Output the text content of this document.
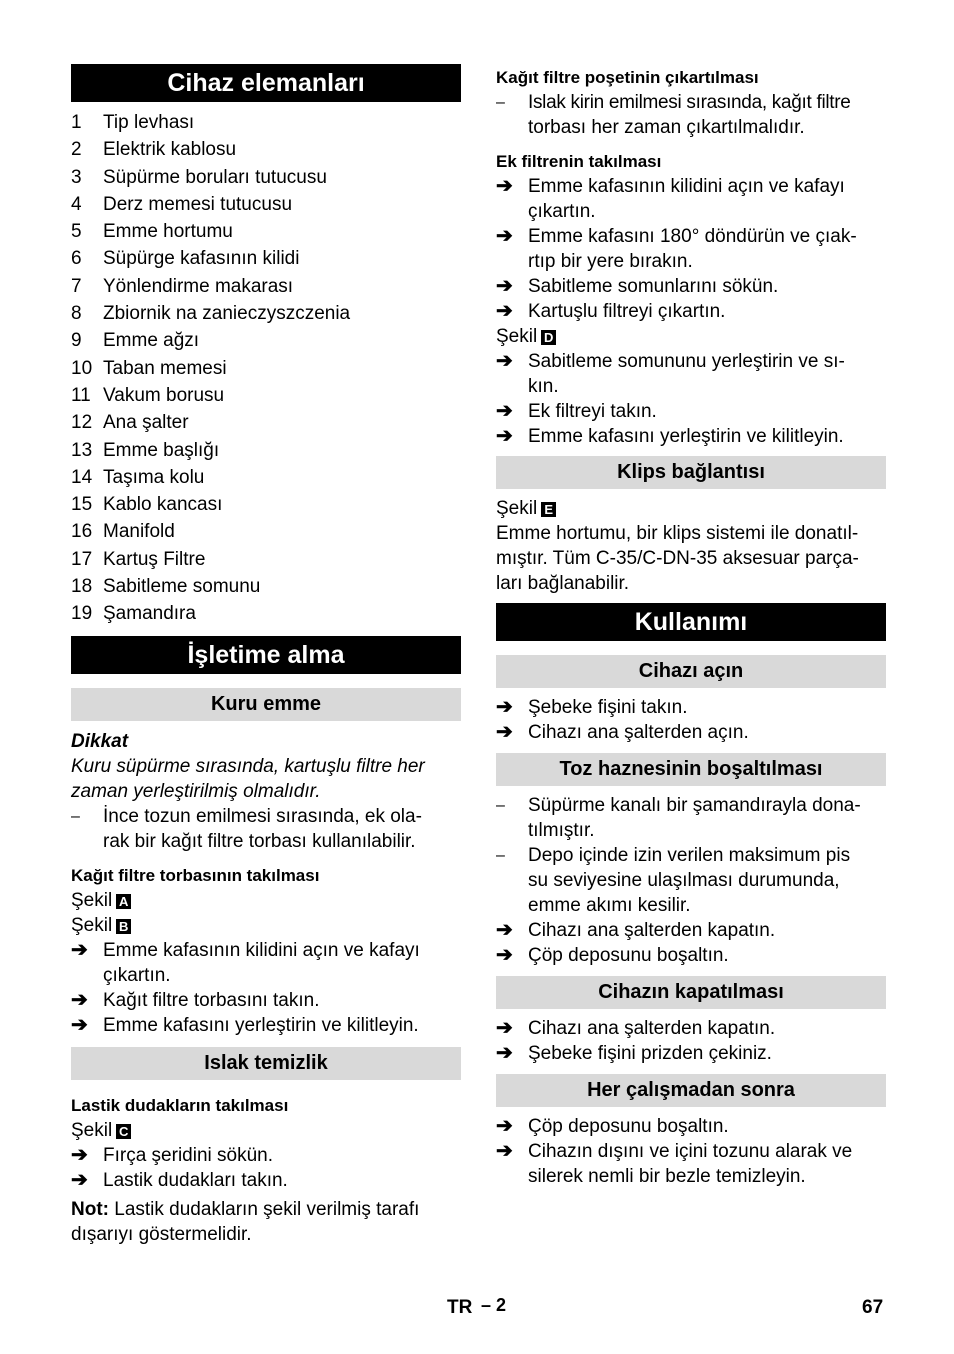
Cihaz elemanları
1	Tip levhası
2	Elektrik kablosu
3	Süpürme boruları tutucusu
4	Derz memesi tutucusu
5	Emme hortumu
6	Süpürge kafasının kilidi
7	Yönlendirme makarası
8	Zbiornik na zanieczyszczenia
9	Emme ağzı
10 Taban memesi
11 Vakum borusu
12 Ana şalter
13 Emme başlığı
14 Taşıma kolu
15 Kablo kancası
16 Manifold
17 Kartuş Filtre
18 Sabitleme somunu
19 Şamandıra
İşletime alma
Kuru emme

Dikkat

Kuru süpürme sırasında, kartuşlu filtre her

zaman yerleştirilmiş olmalıdır.

–	İnce tozun emilmesi sırasında, ek ola-
rak bir kağıt filtre torbası kullanılabilir.

Kağıt filtre torbasının takılması

Şekil A

Şekil B

➔ Emme kafasının kilidini açın ve kafayı
çıkartın.
➔ Kağıt filtre torbasını takın.
➔ Emme kafasını yerleştirin ve kilitleyin.
Islak temizlik

Lastik dudakların takılması

Şekil C

➔ Fırça şeridini sökün.
➔ Lastik dudakları takın.

Not: Lastik dudakların şekil verilmiş tarafı

dışarıyı göstermelidir.

Kağıt filtre poşetinin çıkartılması

–	Islak kirin emilmesi sırasında, kağıt filtre
torbası her zaman çıkartılmalıdır.

Ek filtrenin takılması

➔ Emme kafasının kilidini açın ve kafayı
çıkartın.
➔ Emme kafasını 180° döndürün ve çıak-
rtıp bir yere bırakın.
➔ Sabitleme somunlarını sökün.
➔ Kartuşlu filtreyi çıkartın.

Şekil D

➔ Sabitleme somununu yerleştirin ve sı-
kın.
➔ Ek filtreyi takın.
➔ Emme kafasını yerleştirin ve kilitleyin.
Klips bağlantısı

Şekil E

Emme hortumu, bir klips sistemi ile donatıl-

mıştır. Tüm C-35/C-DN-35 aksesuar parça-

ları bağlanabilir.

Kullanımı
Cihazı açın
➔ Şebeke fişini takın.
➔ Cihazı ana şalterden açın.
Toz haznesinin boşaltılması
–	Süpürme kanalı bir şamandırayla dona-
tılmıştır.
–	Depo içinde izin verilen maksimum pis
su seviyesine ulaşılması durumunda,
emme akımı kesilir.
➔ Cihazı ana şalterden kapatın.
➔ Çöp deposunu boşaltın.
Cihazın kapatılması
➔ Cihazı ana şalterden kapatın.
➔ Şebeke fişini prizden çekiniz.
Her çalışmadan sonra
➔ Çöp deposunu boşaltın.
➔ Cihazın dışını ve içini tozunu alarak ve
silerek nemli bir bezle temizleyin.
TR – 2	67
